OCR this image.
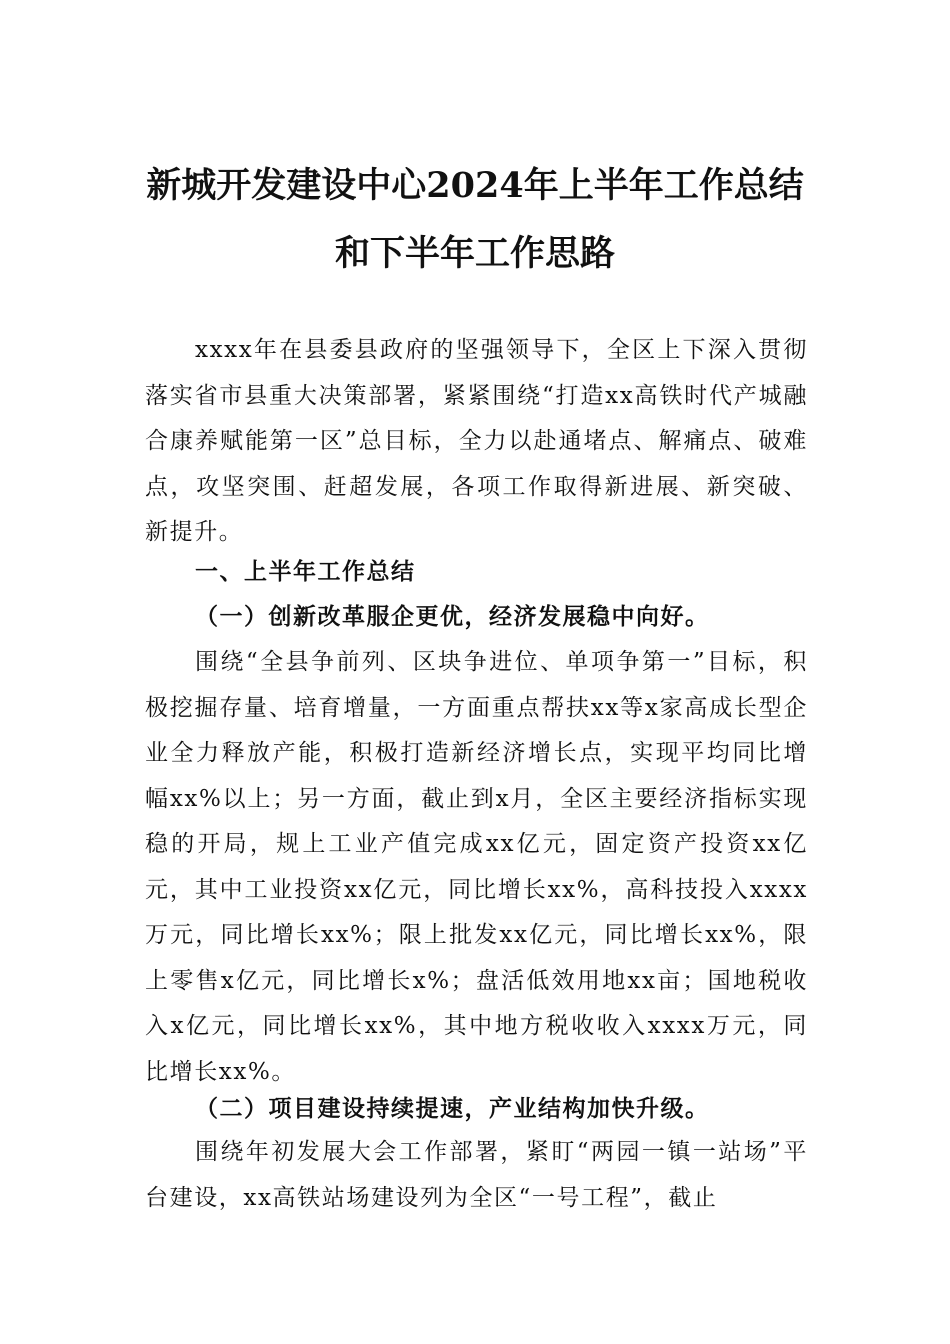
新城开发建设中心2024年上半年工作总结
和下半年工作思路

xxxx年在县委县政府的坚强领导下，全区上下深入贯彻落实省市县重大决策部署，紧紧围绕“打造xx高铁时代产城融合康养赋能第一区”总目标，全力以赴通堵点、解痛点、破难点，攻坚突围、赶超发展，各项工作取得新进展、新突破、新提升。

一、上半年工作总结
（一）创新改革服企更优，经济发展稳中向好。

围绕“全县争前列、区块争进位、单项争第一”目标，积极挖掘存量、培育增量，一方面重点帮扶xx等x家高成长型企业全力释放产能，积极打造新经济增长点，实现平均同比增幅xx%以上；另一方面，截止到x月，全区主要经济指标实现稳的开局，规上工业产值完成xx亿元，固定资产投资xx亿元，其中工业投资xx亿元，同比增长xx%，高科技投入xxxx万元，同比增长xx%；限上批发xx亿元，同比增长xx%，限上零售x亿元，同比增长x%；盘活低效用地xx亩；国地税收入x亿元，同比增长xx%，其中地方税收收入xxxx万元，同比增长xx%。

（二）项目建设持续提速，产业结构加快升级。

围绕年初发展大会工作部署，紧盯“两园一镇一站场”平台建设，xx高铁站场建设列为全区“一号工程”，截止
